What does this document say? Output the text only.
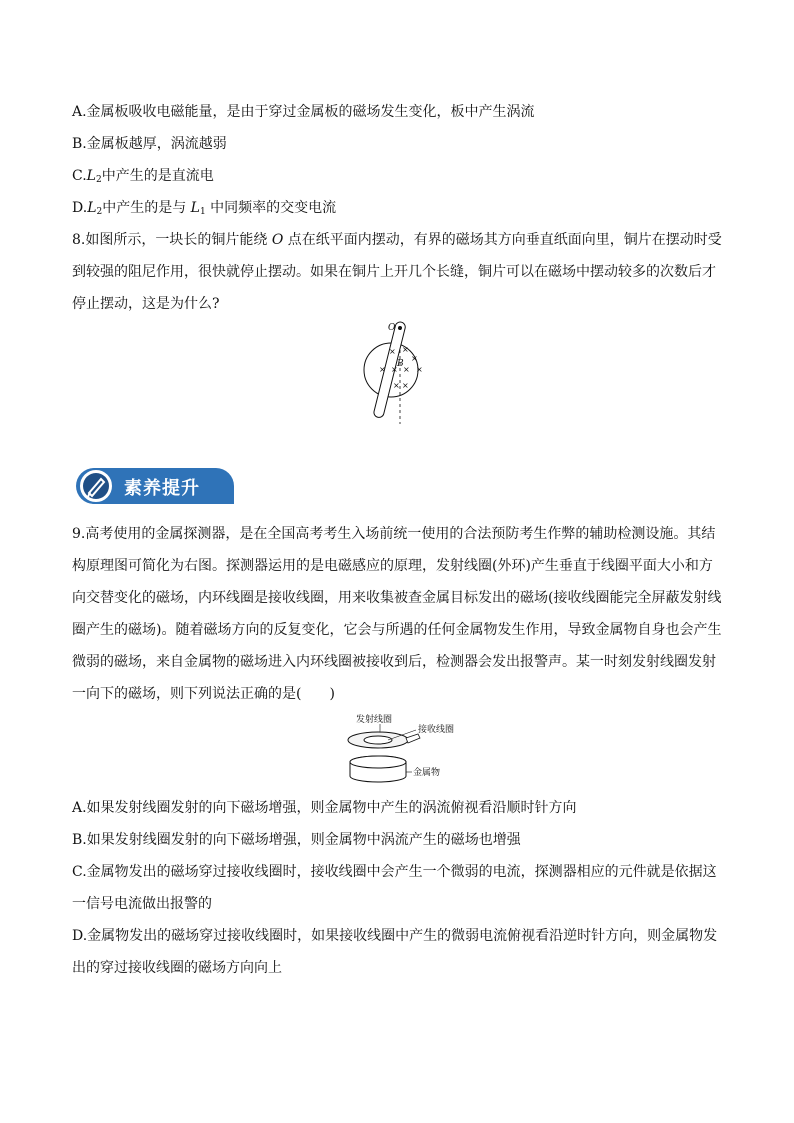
A.金属板吸收电磁能量，是由于穿过金属板的磁场发生变化，板中产生涡流
B.金属板越厚，涡流越弱
$C.L_2$中产生的是直流电
$D.L_2$中产生的是与 $L_1$ 中同频率的交变电流
8.如图所示，一块长的铜片能绕 O 点在纸平面内摆动，有界的磁场其方向垂直纸面向里，铜片在摆动时受
到较强的阻尼作用，很快就停止摆动。如果在铜片上开几个长缝，铜片可以在磁场中摆动较多的次数后才
停止摆动，这是为什么?
× ×
×
× × × ×
× ×
O
B
素养提升
9.高考使用的金属探测器，是在全国高考考生入场前统一使用的合法预防考生作弊的辅助检测设施。其结
构原理图可简化为右图。探测器运用的是电磁感应的原理，发射线圈(外环)产生垂直于线圈平面大小和方
向交替变化的磁场，内环线圈是接收线圈，用来收集被查金属目标发出的磁场(接收线圈能完全屏蔽发射线
圈产生的磁场)。随着磁场方向的反复变化，它会与所遇的任何金属物发生作用，导致金属物自身也会产生
微弱的磁场，来自金属物的磁场进入内环线圈被接收到后，检测器会发出报警声。某一时刻发射线圈发射
一向下的磁场，则下列说法正确的是(　　)
发射线圈
接收线圈
金属物
A.如果发射线圈发射的向下磁场增强，则金属物中产生的涡流俯视看沿顺时针方向
B.如果发射线圈发射的向下磁场增强，则金属物中涡流产生的磁场也增强
C.金属物发出的磁场穿过接收线圈时，接收线圈中会产生一个微弱的电流，探测器相应的元件就是依据这
一信号电流做出报警的
D.金属物发出的磁场穿过接收线圈时，如果接收线圈中产生的微弱电流俯视看沿逆时针方向，则金属物发
出的穿过接收线圈的磁场方向向上
